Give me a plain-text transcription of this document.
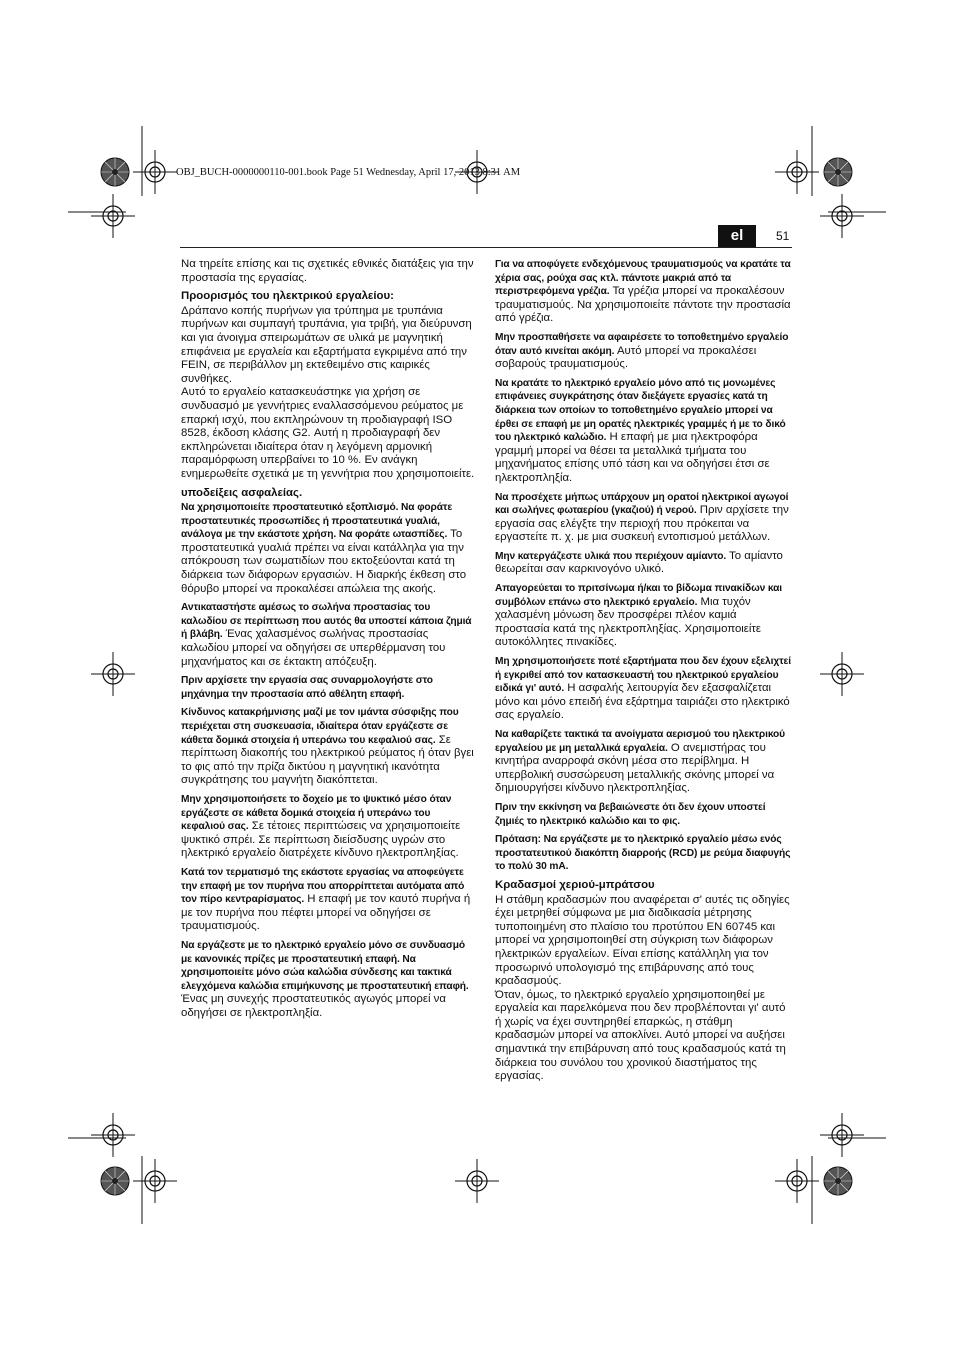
OBJ_BUCH-0000000110-001.book Page 51 Wednesday, April 17, 2013 8:31 AM
el	51

Να τηρείτε επίσης και τις σχετικές εθνικές διατάξεις για την προστασία της εργασίας.

Προορισμός του ηλεκτρικού εργαλείου:

Δράπανο κοπής πυρήνων για τρύπημα με τρυπάνια πυρήνων και συμπαγή τρυπάνια, για τριβή, για διεύρυνση και για άνοιγμα σπειρωμάτων σε υλικά με μαγνητική επιφάνεια με εργαλεία και εξαρτήματα εγκριμένα από την FEIN, σε περιβάλλον μη εκτεθειμένο στις καιρικές συνθήκες.

Αυτό το εργαλείο κατασκευάστηκε για χρήση σε συνδυασμό με γεννήτριες εναλλασσόμενου ρεύματος με επαρκή ισχύ, που εκπληρώνουν τη προδιαγραφή ISO 8528, έκδοση κλάσης G2. Αυτή η προδιαγραφή δεν εκπληρώνεται ιδιαίτερα όταν η λεγόμενη αρμονική παραμόρφωση υπερβαίνει το 10 %. Εν ανάγκη ενημερωθείτε σχετικά με τη γεννήτρια που χρησιμοποιείτε.

υποδείξεις ασφαλείας.

Να χρησιμοποιείτε προστατευτικό εξοπλισμό. Να φοράτε προστατευτικές προσωπίδες ή προστατευτικά γυαλιά, ανάλογα με την εκάστοτε χρήση. Να φοράτε ωτασπίδες. Το προστατευτικά γυαλιά πρέπει να είναι κατάλληλα για την απόκρουση των σωματιδίων που εκτοξεύονται κατά τη διάρκεια των διάφορων εργασιών. Η διαρκής έκθεση στο θόρυβο μπορεί να προκαλέσει απώλεια της ακοής.

Αντικαταστήστε αμέσως το σωλήνα προστασίας του καλωδίου σε περίπτωση που αυτός θα υποστεί κάποια ζημιά ή βλάβη. Ένας χαλασμένος σωλήνας προστασίας καλωδίου μπορεί να οδηγήσει σε υπερθέρμανση του μηχανήματος και σε έκτακτη απόζευξη.

Πριν αρχίσετε την εργασία σας συναρμολογήστε στο μηχάνημα την προστασία από αθέλητη επαφή.

Κίνδυνος κατακρήμνισης μαζί με τον ιμάντα σύσφιξης που περιέχεται στη συσκευασία, ιδιαίτερα όταν εργάζεστε σε κάθετα δομικά στοιχεία ή υπεράνω του κεφαλιού σας. Σε περίπτωση διακοπής του ηλεκτρικού ρεύματος ή όταν βγει το φις από την πρίζα δικτύου η μαγνητική ικανότητα συγκράτησης του μαγνήτη διακόπτεται.

Μην χρησιμοποιήσετε το δοχείο με το ψυκτικό μέσο όταν εργάζεστε σε κάθετα δομικά στοιχεία ή υπεράνω του κεφαλιού σας. Σε τέτοιες περιπτώσεις να χρησιμοποιείτε ψυκτικό σπρέι. Σε περίπτωση διείσδυσης υγρών στο ηλεκτρικό εργαλείο διατρέχετε κίνδυνο ηλεκτροπληξίας.

Κατά τον τερματισμό της εκάστοτε εργασίας να αποφεύγετε την επαφή με τον πυρήνα που απορρίπτεται αυτόματα από τον πίρο κεντραρίσματος. Η επαφή με τον καυτό πυρήνα ή με τον πυρήνα που πέφτει μπορεί να οδηγήσει σε τραυματισμούς.

Να εργάζεστε με το ηλεκτρικό εργαλείο μόνο σε συνδυασμό με κανονικές πρίζες με προστατευτική επαφή. Να χρησιμοποιείτε μόνο σώα καλώδια σύνδεσης και τακτικά ελεγχόμενα καλώδια επιμήκυνσης με προστατευτική επαφή. Ένας μη συνεχής προστατευτικός αγωγός μπορεί να οδηγήσει σε ηλεκτροπληξία.

Για να αποφύγετε ενδεχόμενους τραυματισμούς να κρατάτε τα χέρια σας, ρούχα σας κτλ. πάντοτε μακριά από τα περιστρεφόμενα γρέζια. Τα γρέζια μπορεί να προκαλέσουν τραυματισμούς. Να χρησιμοποιείτε πάντοτε την προστασία από γρέζια.

Μην προσπαθήσετε να αφαιρέσετε το τοποθετημένο εργαλείο όταν αυτό κινείται ακόμη. Αυτό μπορεί να προκαλέσει σοβαρούς τραυματισμούς.

Να κρατάτε το ηλεκτρικό εργαλείο μόνο από τις μονωμένες επιφάνειες συγκράτησης όταν διεξάγετε εργασίες κατά τη διάρκεια των οποίων το τοποθετημένο εργαλείο μπορεί να έρθει σε επαφή με μη ορατές ηλεκτρικές γραμμές ή με το δικό του ηλεκτρικό καλώδιο. Η επαφή με μια ηλεκτροφόρα γραμμή μπορεί να θέσει τα μεταλλικά τμήματα του μηχανήματος επίσης υπό τάση και να οδηγήσει έτσι σε ηλεκτροπληξία.

Να προσέχετε μήπως υπάρχουν μη ορατοί ηλεκτρικοί αγωγοί και σωλήνες φωταερίου (γκαζιού) ή νερού. Πριν αρχίσετε την εργασία σας ελέγξτε την περιοχή που πρόκειται να εργαστείτε π. χ. με μια συσκευή εντοπισμού μετάλλων.

Μην κατεργάζεστε υλικά που περιέχουν αμίαντο. Το αμίαντο θεωρείται σαν καρκινογόνο υλικό.

Απαγορεύεται το πριτσίνωμα ή/και το βίδωμα πινακίδων και συμβόλων επάνω στο ηλεκτρικό εργαλείο. Μια τυχόν χαλασμένη μόνωση δεν προσφέρει πλέον καμιά προστασία κατά της ηλεκτροπληξίας. Χρησιμοποιείτε αυτοκόλλητες πινακίδες.

Μη χρησιμοποιήσετε ποτέ εξαρτήματα που δεν έχουν εξελιχτεί ή εγκριθεί από τον κατασκευαστή του ηλεκτρικού εργαλείου ειδικά γι' αυτό. Η ασφαλής λειτουργία δεν εξασφαλίζεται μόνο και μόνο επειδή ένα εξάρτημα ταιριάζει στο ηλεκτρικό σας εργαλείο.

Να καθαρίζετε τακτικά τα ανοίγματα αερισμού του ηλεκτρικού εργαλείου με μη μεταλλικά εργαλεία. Ο ανεμιστήρας του κινητήρα αναρροφά σκόνη μέσα στο περίβλημα. Η υπερβολική συσσώρευση μεταλλικής σκόνης μπορεί να δημιουργήσει κίνδυνο ηλεκτροπληξίας.

Πριν την εκκίνηση να βεβαιώνεστε ότι δεν έχουν υποστεί ζημιές το ηλεκτρικό καλώδιο και το φις.

Πρόταση: Να εργάζεστε με το ηλεκτρικό εργαλείο μέσω ενός προστατευτικού διακόπτη διαρροής (RCD) με ρεύμα διαφυγής το πολύ 30 mA.

Κραδασμοί χεριού-μπράτσου

Η στάθμη κραδασμών που αναφέρεται σ' αυτές τις οδηγίες έχει μετρηθεί σύμφωνα με μια διαδικασία μέτρησης τυποποιημένη στο πλαίσιο του προτύπου EN 60745 και μπορεί να χρησιμοποιηθεί στη σύγκριση των διάφορων ηλεκτρικών εργαλείων. Είναι επίσης κατάλληλη για τον προσωρινό υπολογισμό της επιβάρυνσης από τους κραδασμούς.

Όταν, όμως, το ηλεκτρικό εργαλείο χρησιμοποιηθεί με εργαλεία και παρελκόμενα που δεν προβλέπονται γι' αυτό ή χωρίς να έχει συντηρηθεί επαρκώς, η στάθμη κραδασμών μπορεί να αποκλίνει. Αυτό μπορεί να αυξήσει σημαντικά την επιβάρυνση από τους κραδασμούς κατά τη διάρκεια του συνόλου του χρονικού διαστήματος της εργασίας.
